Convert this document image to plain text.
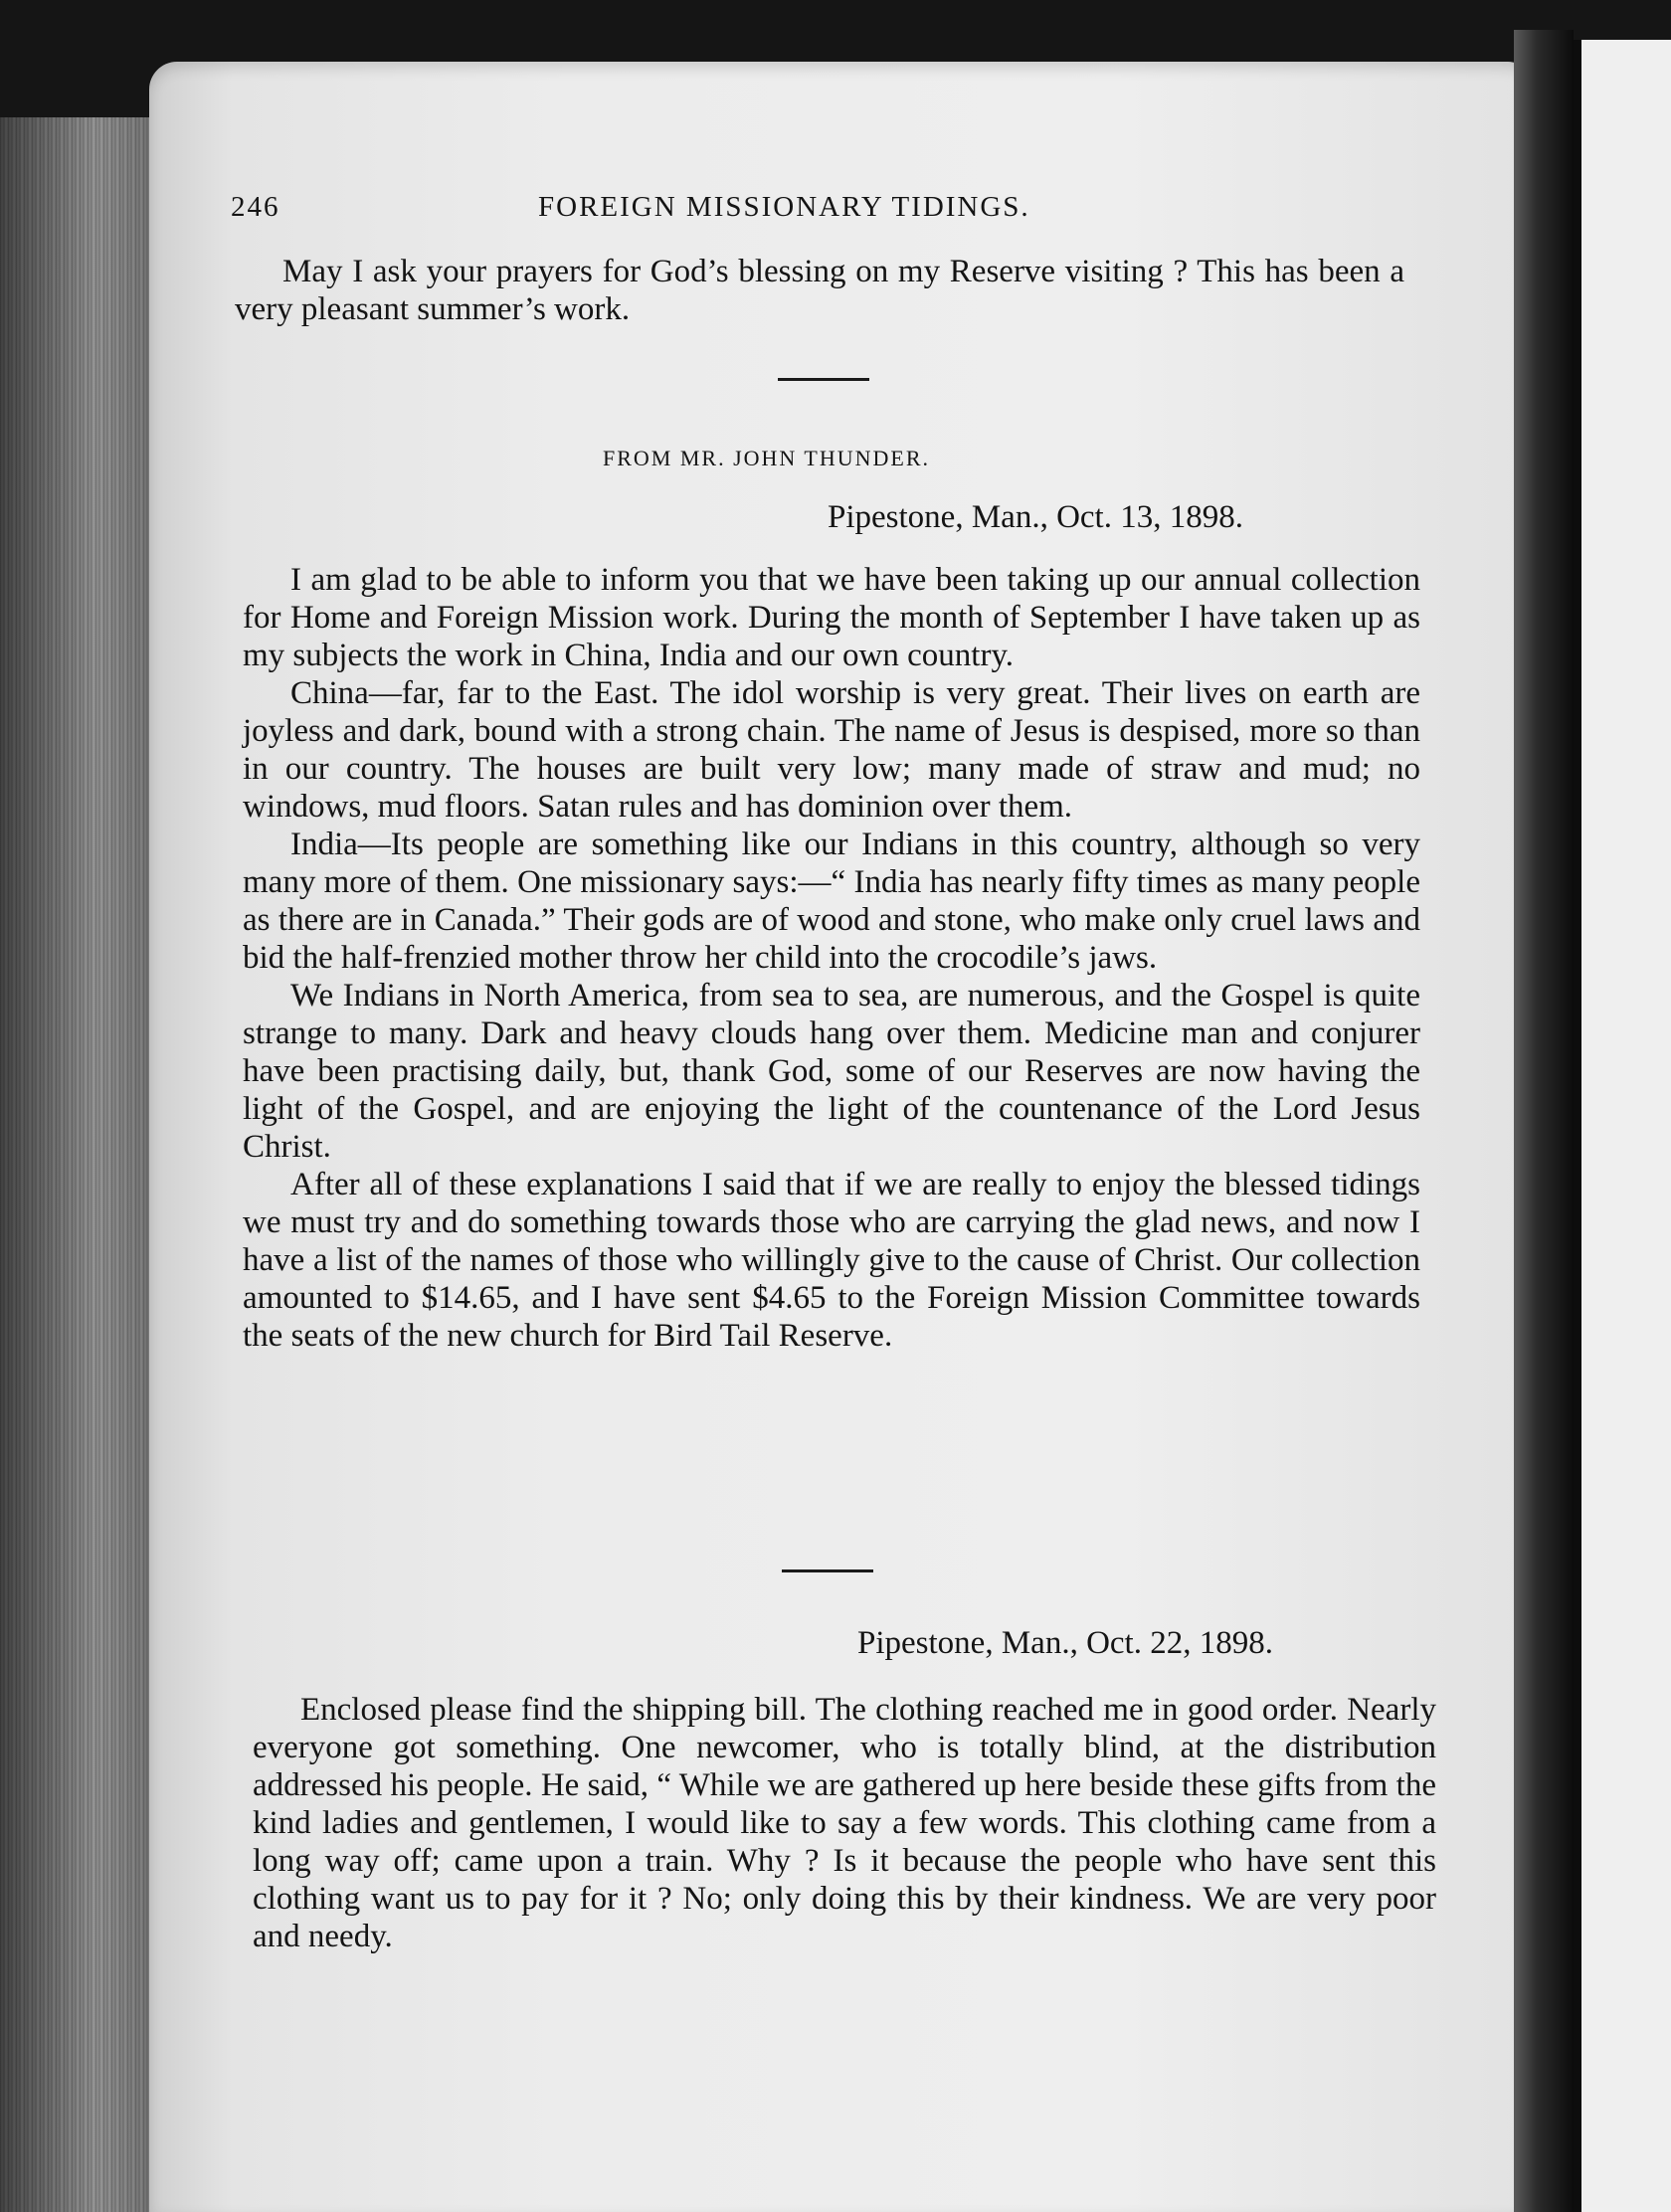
246	FOREIGN MISSIONARY TIDINGS.

May I ask your prayers for God’s blessing on my Reserve visiting ? This has been a very pleasant summer’s work.

FROM MR. JOHN THUNDER.
Pipestone, Man., Oct. 13, 1898.

I am glad to be able to inform you that we have been taking up our annual collection for Home and Foreign Mission work. During the month of September I have taken up as my subjects the work in China, India and our own country.

China—far, far to the East. The idol worship is very great. Their lives on earth are joyless and dark, bound with a strong chain. The name of Jesus is despised, more so than in our country. The houses are built very low; many made of straw and mud; no windows, mud floors. Satan rules and has dominion over them.

India—Its people are something like our Indians in this country, although so very many more of them. One missionary says:—“ India has nearly fifty times as many people as there are in Canada.” Their gods are of wood and stone, who make only cruel laws and bid the half-frenzied mother throw her child into the crocodile’s jaws.

We Indians in North America, from sea to sea, are numerous, and the Gospel is quite strange to many. Dark and heavy clouds hang over them. Medicine man and conjurer have been practising daily, but, thank God, some of our Reserves are now having the light of the Gospel, and are enjoying the light of the countenance of the Lord Jesus Christ.

After all of these explanations I said that if we are really to enjoy the blessed tidings we must try and do something towards those who are carrying the glad news, and now I have a list of the names of those who willingly give to the cause of Christ. Our collection amounted to $14.65, and I have sent $4.65 to the Foreign Mission Committee towards the seats of the new church for Bird Tail Reserve.

Pipestone, Man., Oct. 22, 1898.

Enclosed please find the shipping bill. The clothing reached me in good order. Nearly everyone got something. One newcomer, who is totally blind, at the distribution addressed his people. He said, “ While we are gathered up here beside these gifts from the kind ladies and gentlemen, I would like to say a few words. This clothing came from a long way off; came upon a train. Why ? Is it because the people who have sent this clothing want us to pay for it ? No; only doing this by their kindness. We are very poor and needy.
